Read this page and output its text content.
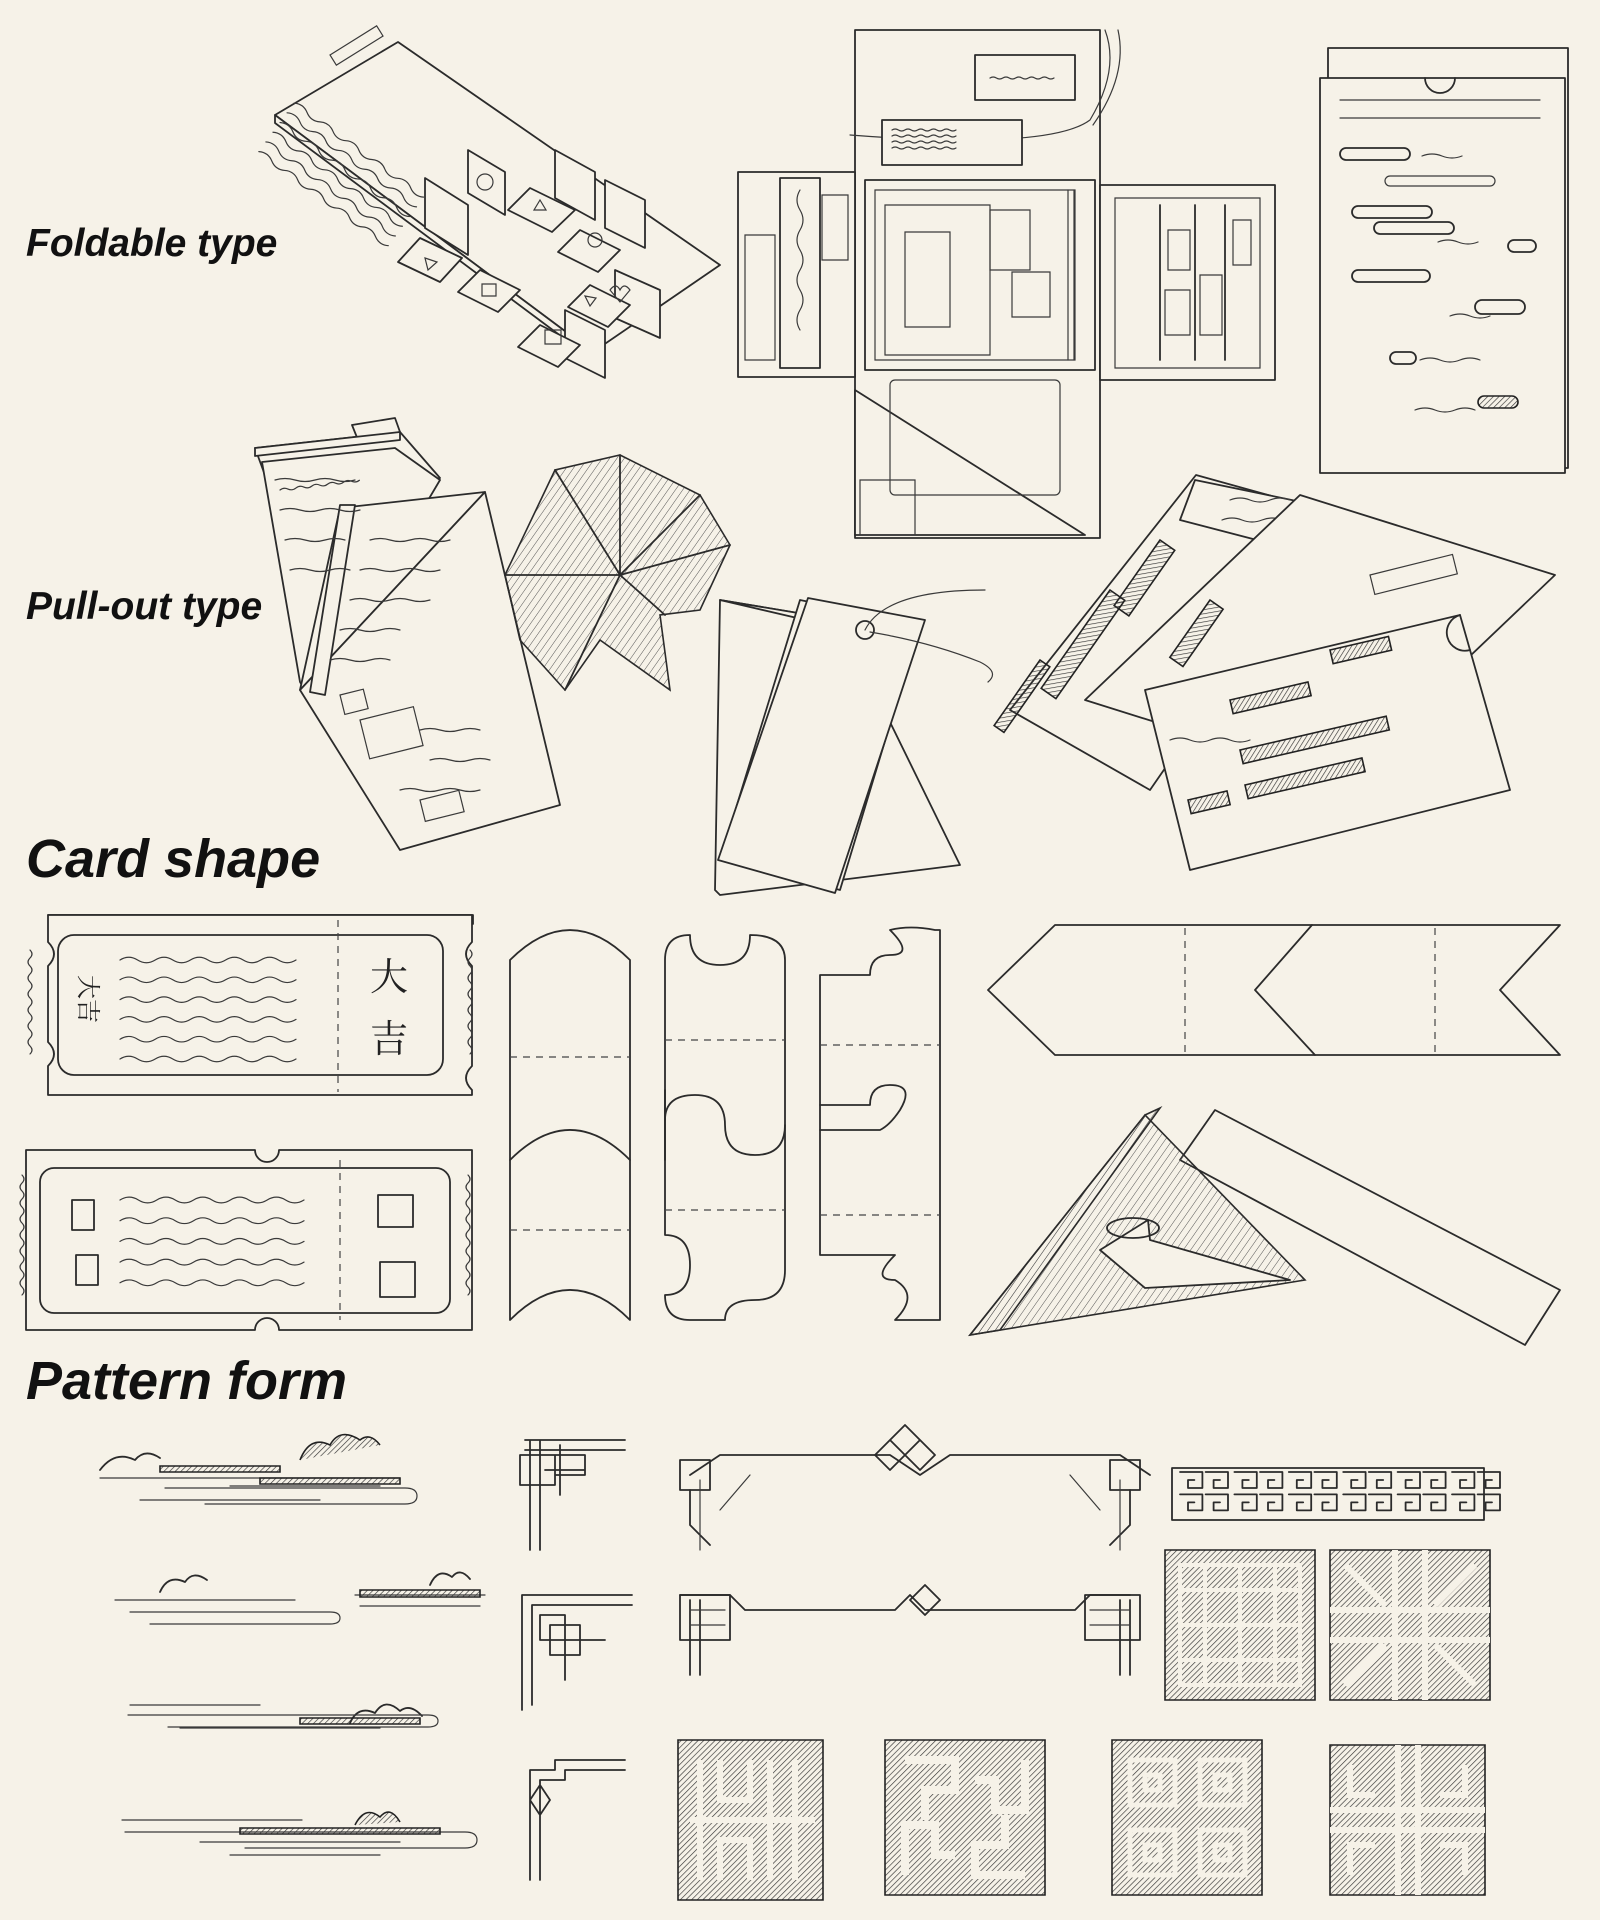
Foldable type
Pull-out type
Card shape
Pattern form
大
吉
大吉
